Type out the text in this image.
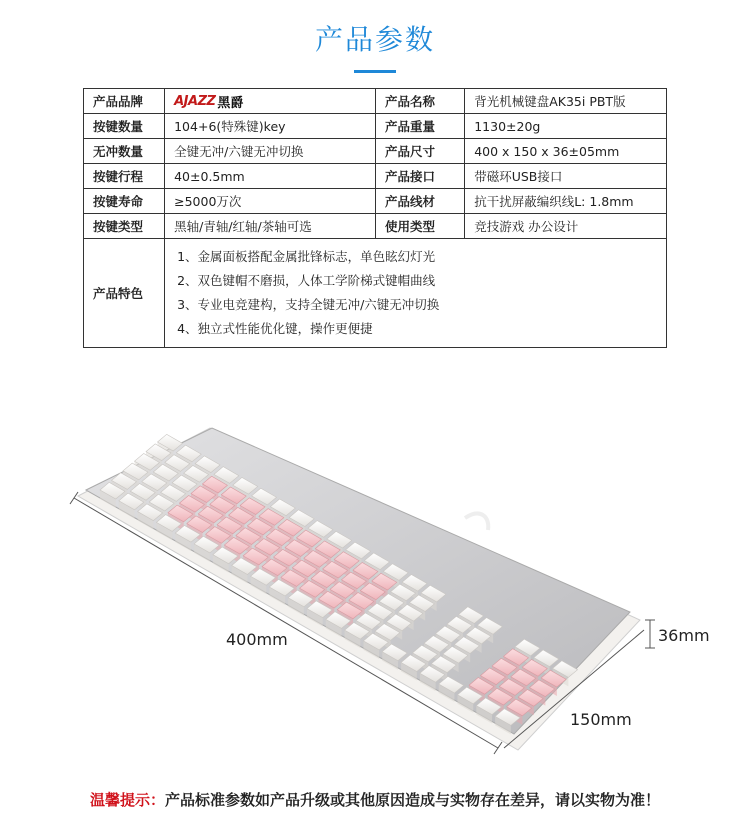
产品参数
产品品牌	AJAZZ 黑爵	产品名称	背光机械键盘AK35i PBT版
按键数量	104+6(特殊键)key	产品重量	1130±20g
无冲数量	全键无冲/六键无冲切换	产品尺寸	400 x 150 x 36±05mm
按键行程	40±0.5mm	产品接口	带磁环USB接口
按键寿命	≥5000万次	产品线材	抗干扰屏蔽编织线L: 1.8mm
按键类型	黑轴/青轴/红轴/茶轴可选	使用类型	竞技游戏 办公设计
产品特色	1、金属面板搭配金属批锋标志，单色眩幻灯光
2、双色键帽不磨损，人体工学阶梯式键帽曲线
3、专业电竞建构，支持全键无冲/六键无冲切换
4、独立式性能优化键，操作更便捷		
400mm
150mm
36mm
温馨提示：产品标准参数如产品升级或其他原因造成与实物存在差异，请以实物为准！
